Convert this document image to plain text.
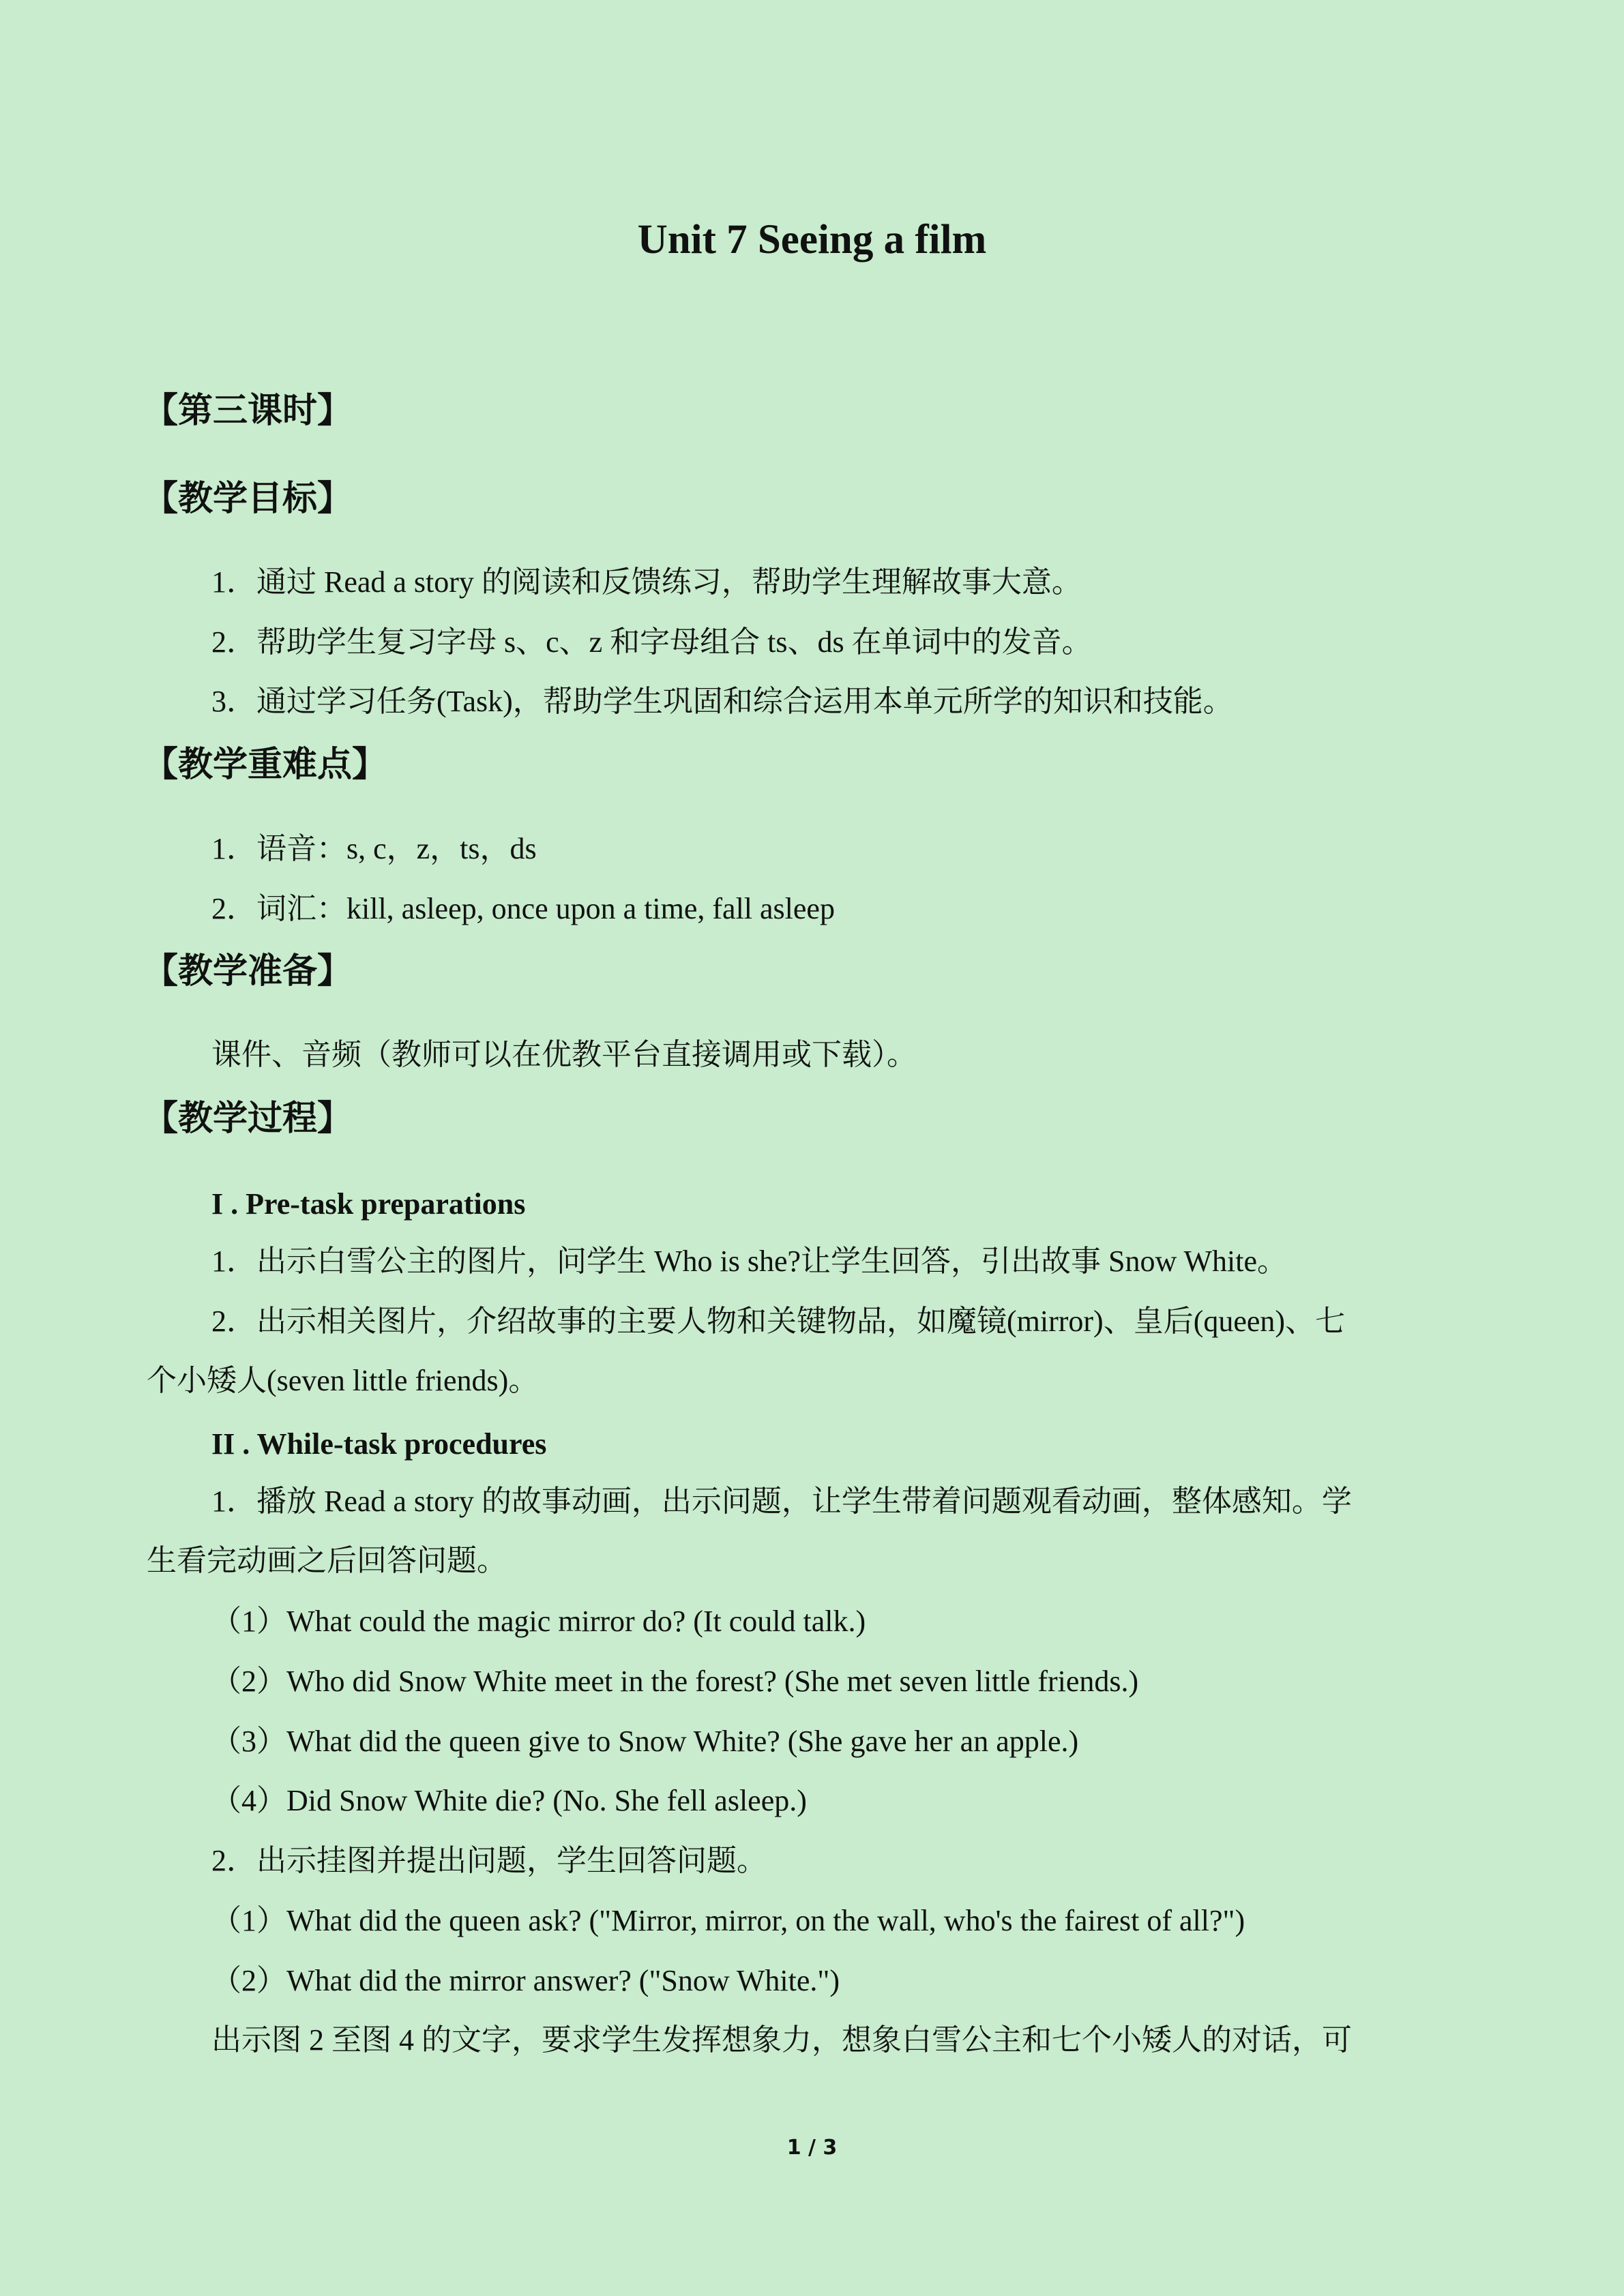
Unit 7 Seeing a film
【第三课时】
【教学目标】
1．通过 Read a story 的阅读和反馈练习，帮助学生理解故事大意。
2．帮助学生复习字母 s、c、z 和字母组合 ts、ds 在单词中的发音。
3．通过学习任务(Task)，帮助学生巩固和综合运用本单元所学的知识和技能。
【教学重难点】
1．语音：s, c，z，ts，ds
2．词汇：kill, asleep, once upon a time, fall asleep
【教学准备】
课件、音频（教师可以在优教平台直接调用或下载）。
【教学过程】
I . Pre-task preparations
1．出示白雪公主的图片，问学生 Who is she?让学生回答，引出故事 Snow White。
2．出示相关图片，介绍故事的主要人物和关键物品，如魔镜(mirror)、皇后(queen)、七
个小矮人(seven little friends)。
II . While-task procedures
1．播放 Read a story 的故事动画，出示问题，让学生带着问题观看动画，整体感知。学
生看完动画之后回答问题。
（1）What could the magic mirror do? (It could talk.)
（2）Who did Snow White meet in the forest? (She met seven little friends.)
（3）What did the queen give to Snow White? (She gave her an apple.)
（4）Did Snow White die? (No. She fell asleep.)
2．出示挂图并提出问题，学生回答问题。
（1）What did the queen ask? ("Mirror, mirror, on the wall, who's the fairest of all?")
（2）What did the mirror answer? ("Snow White.")
出示图 2 至图 4 的文字，要求学生发挥想象力，想象白雪公主和七个小矮人的对话，可
1 / 3
